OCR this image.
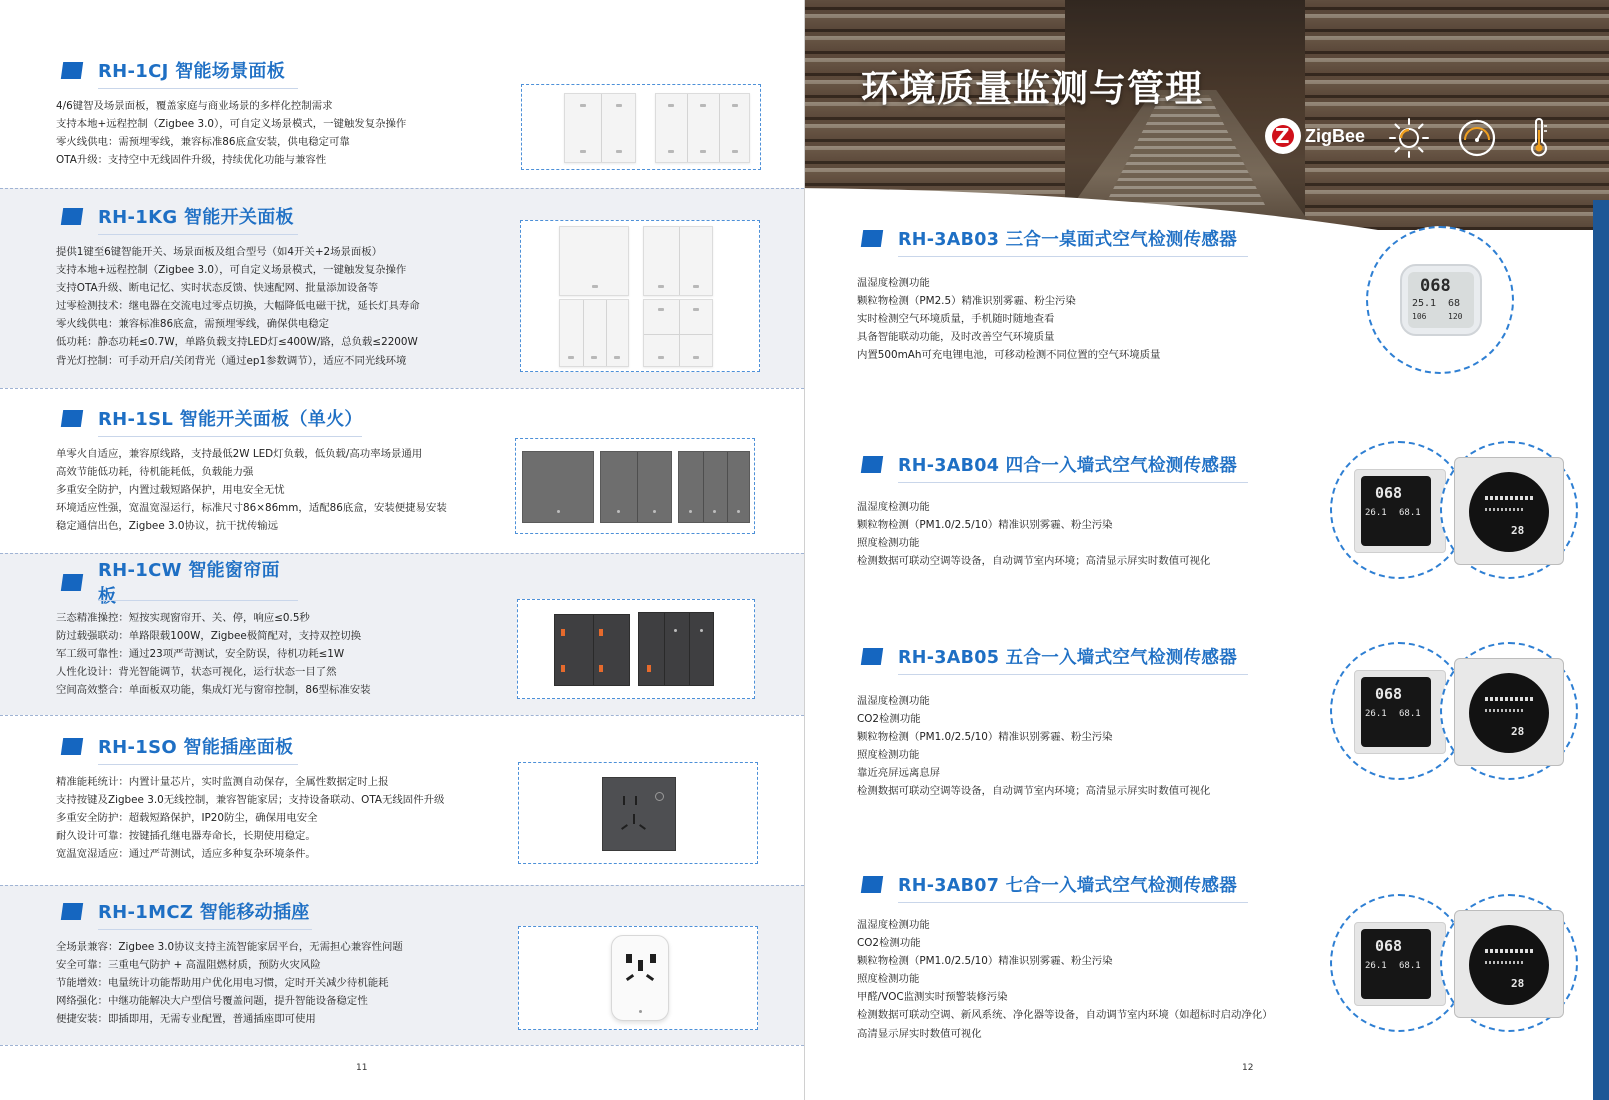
RH-1CJ 智能场景面板
4/6键智及场景面板，覆盖家庭与商业场景的多样化控制需求
支持本地+远程控制（Zigbee 3.0），可自定义场景模式，一键触发复杂操作
零火线供电：需预埋零线，兼容标准86底盒安装，供电稳定可靠
OTA升级：支持空中无线固件升级，持续优化功能与兼容性
RH-1KG 智能开关面板
提供1键至6键智能开关、场景面板及组合型号（如4开关+2场景面板）
支持本地+远程控制（Zigbee 3.0），可自定义场景模式，一键触发复杂操作
支持OTA升级、断电记忆、实时状态反馈、快速配网、批量添加设备等
过零检测技术：继电器在交流电过零点切换，大幅降低电磁干扰，延长灯具寿命
零火线供电：兼容标准86底盒，需预埋零线，确保供电稳定
低功耗：静态功耗≤0.7W，单路负载支持LED灯≤400W/路，总负载≤2200W
背光灯控制：可手动开启/关闭背光（通过ep1参数调节），适应不同光线环境
RH-1SL 智能开关面板（单火）
单零火自适应，兼容原线路，支持最低2W LED灯负载，低负载/高功率场景通用
高效节能低功耗，待机能耗低，负载能力强
多重安全防护，内置过载短路保护，用电安全无忧
环境适应性强，宽温宽湿运行，标准尺寸86×86mm，适配86底盒，安装便捷易安装
稳定通信出色，Zigbee 3.0协议，抗干扰传输远
RH-1CW 智能窗帘面板
三态精准操控：短按实现窗帘开、关、停，响应≤0.5秒
防过载强联动：单路限载100W，Zigbee极简配对，支持双控切换
军工级可靠性：通过23项严苛测试，安全防误，待机功耗≤1W
人性化设计：背光智能调节，状态可视化，运行状态一目了然
空间高效整合：单面板双功能，集成灯光与窗帘控制，86型标准安装
RH-1SO 智能插座面板
精准能耗统计：内置计量芯片，实时监测自动保存，全属性数据定时上报
支持按键及Zigbee 3.0无线控制，兼容智能家居；支持设备联动、OTA无线固件升级
多重安全防护：超载短路保护，IP20防尘，确保用电安全
耐久设计可靠：按键插孔继电器寿命长，长期使用稳定。
宽温宽湿适应：通过严苛测试，适应多种复杂环境条件。
RH-1MCZ 智能移动插座
全场景兼容：Zigbee 3.0协议支持主流智能家居平台，无需担心兼容性问题
安全可靠：三重电气防护 + 高温阻燃材质，预防火灾风险
节能增效：电量统计功能帮助用户优化用电习惯，定时开关减少待机能耗
网络强化：中继功能解决大户型信号覆盖问题，提升智能设备稳定性
便捷安装：即插即用，无需专业配置，普通插座即可使用
11
环境质量监测与管理
Z
ZigBee
RH-3AB03 三合一桌面式空气检测传感器
温湿度检测功能
颗粒物检测（PM2.5）精准识别雾霾、粉尘污染
实时检测空气环境质量，手机随时随地查看
具备智能联动功能，及时改善空气环境质量
内置500mAh可充电锂电池，可移动检测不同位置的空气环境质量
068
25.1 68
106	120
RH-3AB04 四合一入墙式空气检测传感器
温湿度检测功能
颗粒物检测（PM1.0/2.5/10）精准识别雾霾、粉尘污染
照度检测功能
检测数据可联动空调等设备，自动调节室内环境；高清显示屏实时数值可视化
068
26.1 68.1
28
RH-3AB05 五合一入墙式空气检测传感器
温湿度检测功能
CO2检测功能
颗粒物检测（PM1.0/2.5/10）精准识别雾霾、粉尘污染
照度检测功能
靠近亮屏远离息屏
检测数据可联动空调等设备，自动调节室内环境；高清显示屏实时数值可视化
068
26.1 68.1
28
RH-3AB07 七合一入墙式空气检测传感器
温湿度检测功能
CO2检测功能
颗粒物检测（PM1.0/2.5/10）精准识别雾霾、粉尘污染
照度检测功能
甲醛/VOC监测实时预警装修污染
检测数据可联动空调、新风系统、净化器等设备，自动调节室内环境（如超标时启动净化）
高清显示屏实时数值可视化
068
26.1 68.1
28
12
